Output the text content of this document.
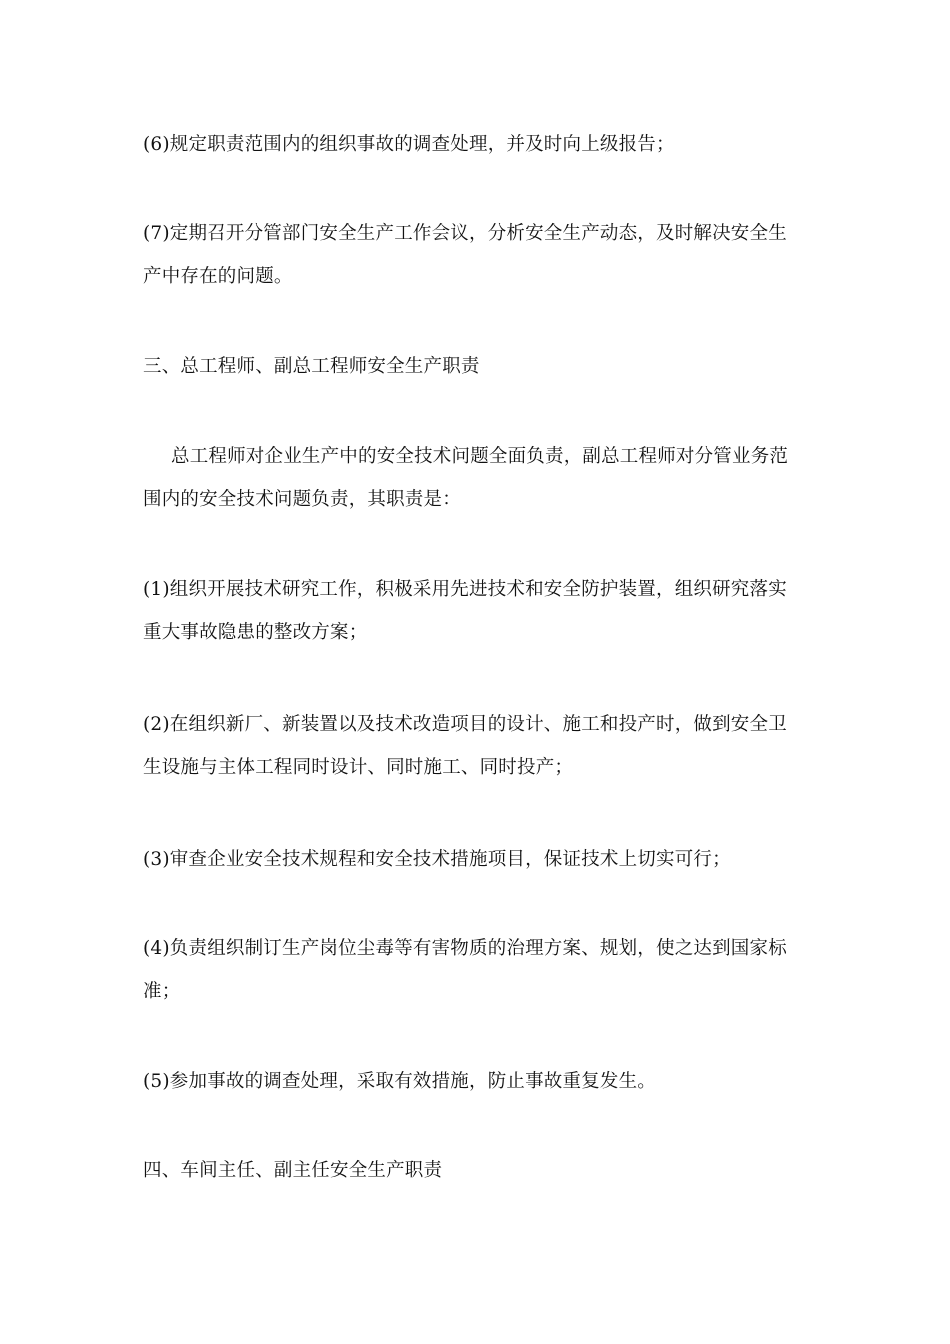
(6)规定职责范围内的组织事故的调查处理，并及时向上级报告；

(7)定期召开分管部门安全生产工作会议，分析安全生产动态，及时解决安全生
产中存在的问题。

三、总工程师、副总工程师安全生产职责

总工程师对企业生产中的安全技术问题全面负责，副总工程师对分管业务范
围内的安全技术问题负责，其职责是：

(1)组织开展技术研究工作，积极采用先进技术和安全防护装置，组织研究落实
重大事故隐患的整改方案；

(2)在组织新厂、新装置以及技术改造项目的设计、施工和投产时，做到安全卫
生设施与主体工程同时设计、同时施工、同时投产；

(3)审查企业安全技术规程和安全技术措施项目，保证技术上切实可行；

(4)负责组织制订生产岗位尘毒等有害物质的治理方案、规划，使之达到国家标
准；

(5)参加事故的调查处理，采取有效措施，防止事故重复发生。

四、车间主任、副主任安全生产职责
